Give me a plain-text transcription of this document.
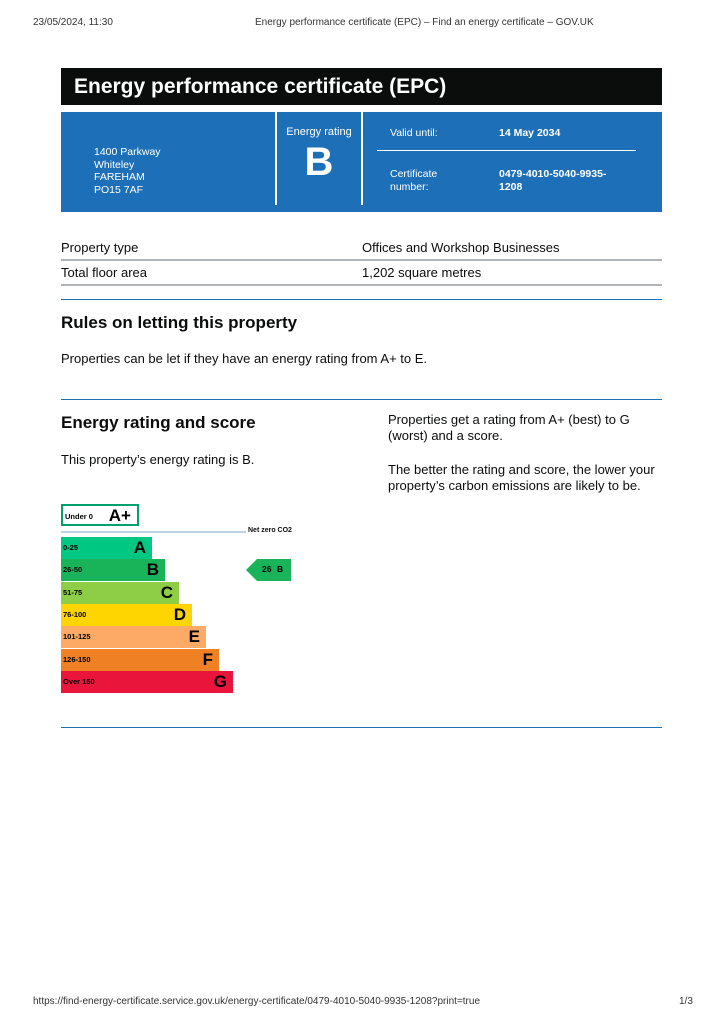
23/05/2024, 11:30	Energy performance certificate (EPC) – Find an energy certificate – GOV.UK
Energy performance certificate (EPC)
1400 Parkway
Whiteley
FAREHAM
PO15 7AF
Energy rating
B
Valid until:	14 May 2034
Certificate
number:
0479-4010-5040-9935-
1208
Property type	Offices and Workshop Businesses
Total floor area	1,202 square metres
Rules on letting this property
Properties can be let if they have an energy rating from A+ to E.
Energy rating and score
This property’s energy rating is B.
Properties get a rating from A+ (best) to G (worst) and a score.
The better the rating and score, the lower your property’s carbon emissions are likely to be.
Under 0 A+
Net zero CO2
0-25	A
26-50	B
51-75	C
76-100	D
101-125	E
126-150	F
Over 150	G
26 B
https://find-energy-certificate.service.gov.uk/energy-certificate/0479-4010-5040-9935-1208?print=true	1/3
